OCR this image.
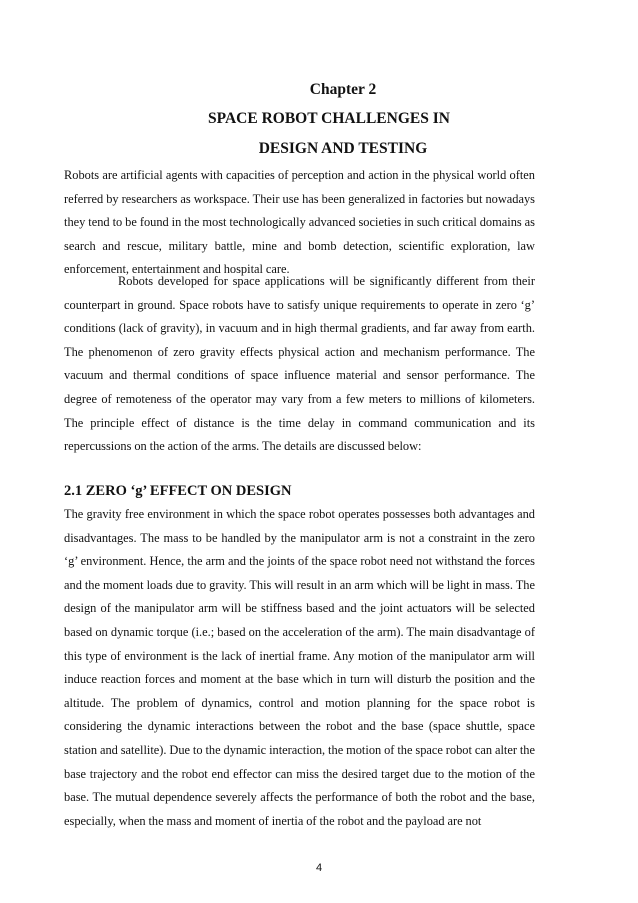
Chapter 2
SPACE ROBOT CHALLENGES IN
DESIGN AND TESTING

Robots are artificial agents with capacities of perception and action in the physical world often referred by researchers as workspace. Their use has been generalized in factories but nowadays they tend to be found in the most technologically advanced societies in such critical domains as search and rescue, military battle, mine and bomb detection, scientific exploration, law enforcement, entertainment and hospital care.

Robots developed for space applications will be significantly different from their counterpart in ground. Space robots have to satisfy unique requirements to operate in zero ‘g’ conditions (lack of gravity), in vacuum and in high thermal gradients, and far away from earth. The phenomenon of zero gravity effects physical action and mechanism performance. The vacuum and thermal conditions of space influence material and sensor performance. The degree of remoteness of the operator may vary from a few meters to millions of kilometers. The principle effect of distance is the time delay in command communication and its repercussions on the action of the arms. The details are discussed below:

2.1 ZERO ‘g’ EFFECT ON DESIGN

The gravity free environment in which the space robot operates possesses both advantages and disadvantages. The mass to be handled by the manipulator arm is not a constraint in the zero ‘g’ environment. Hence, the arm and the joints of the space robot need not withstand the forces and the moment loads due to gravity. This will result in an arm which will be light in mass. The design of the manipulator arm will be stiffness based and the joint actuators will be selected based on dynamic torque (i.e.; based on the acceleration of the arm). The main disadvantage of this type of environment is the lack of inertial frame. Any motion of the manipulator arm will induce reaction forces and moment at the base which in turn will disturb the position and the altitude. The problem of dynamics, control and motion planning for the space robot is considering the dynamic interactions between the robot and the base (space shuttle, space station and satellite). Due to the dynamic interaction, the motion of the space robot can alter the base trajectory and the robot end effector can miss the desired target due to the motion of the base. The mutual dependence severely affects the performance of both the robot and the base, especially, when the mass and moment of inertia of the robot and the payload are not

4
